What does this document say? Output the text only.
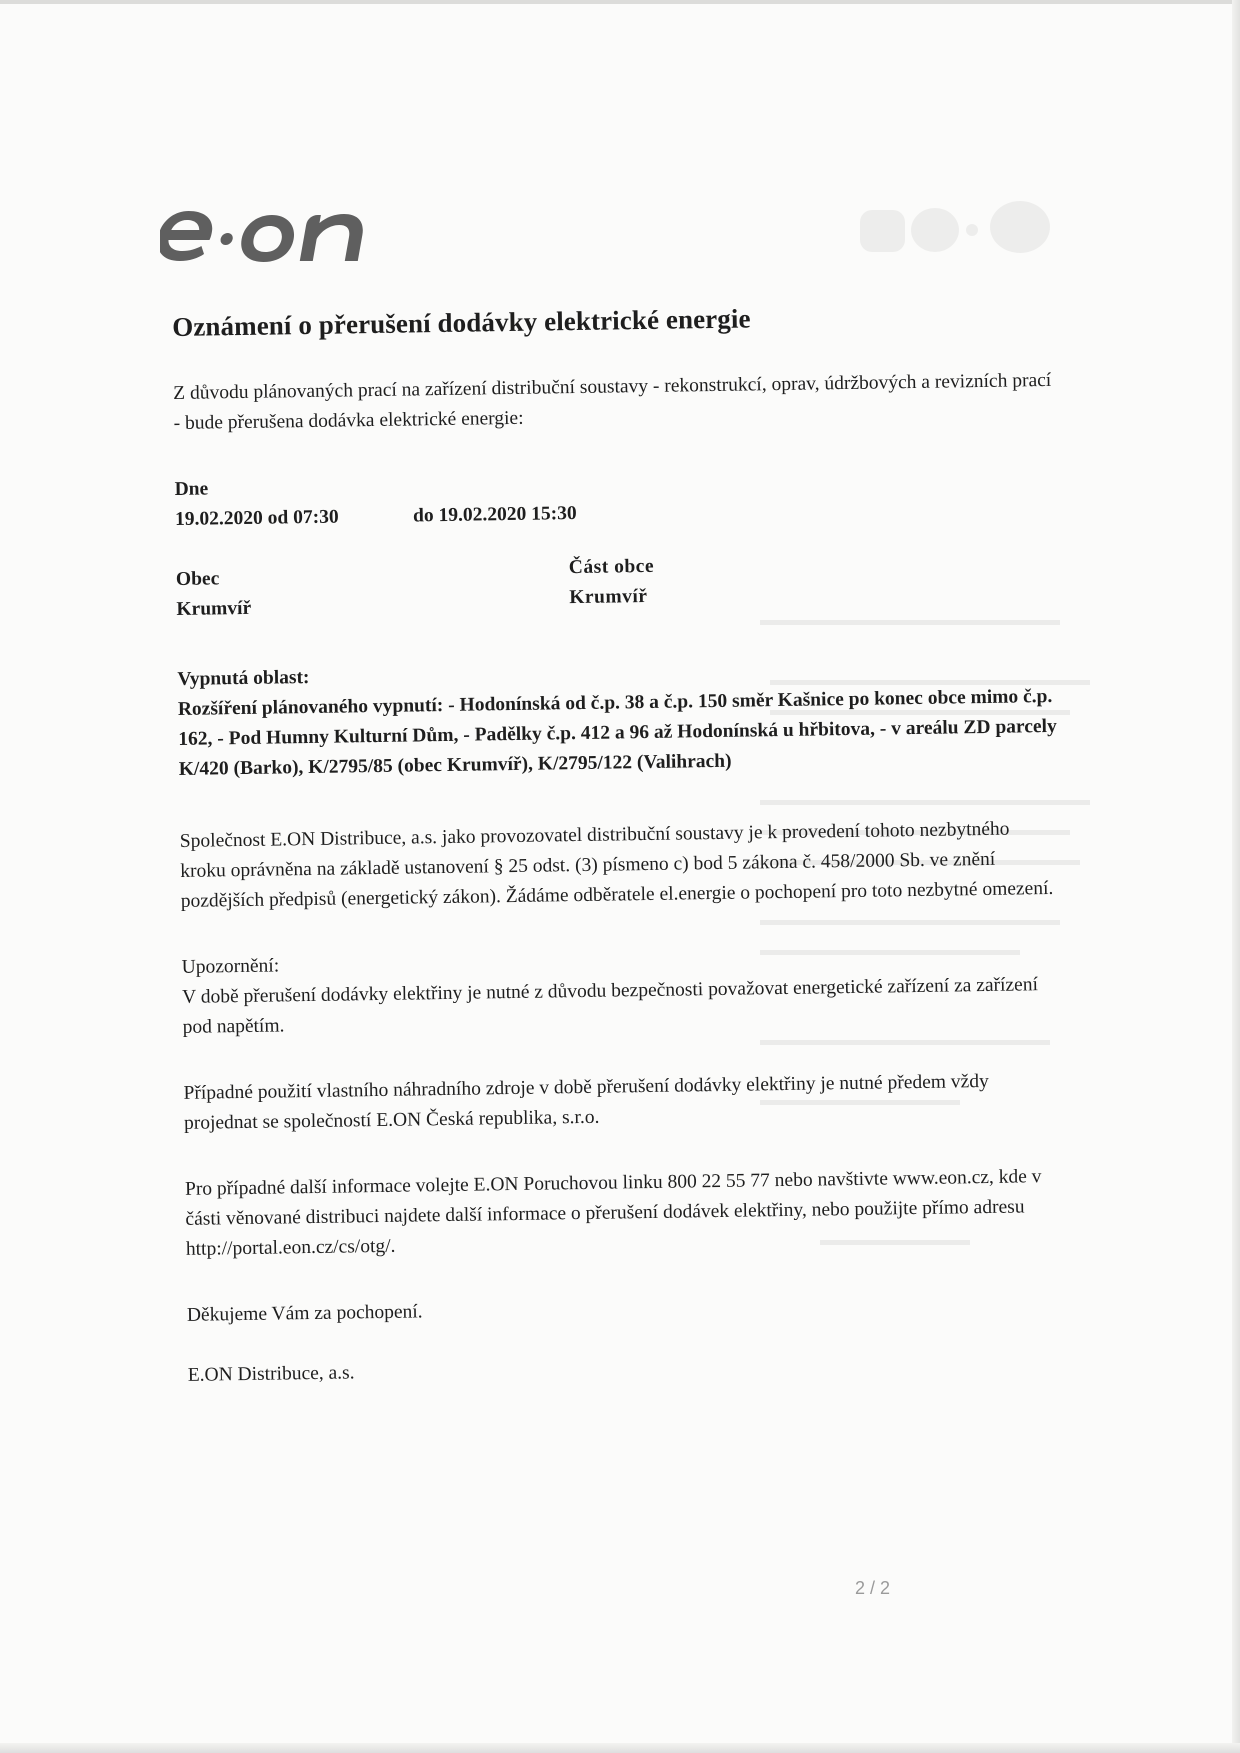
Oznámení o přerušení dodávky elektrické energie

Z důvodu plánovaných prací na zařízení distribuční soustavy - rekonstrukcí, oprav, údržbových a revizních prací - bude přerušena dodávka elektrické energie:

Dne
19.02.2020 od 07:30	do 19.02.2020 15:30
Obec
Krumvíř
Část obce
Krumvíř
Vypnutá oblast:
Rozšíření plánovaného vypnutí: - Hodonínská od č.p. 38 a č.p. 150 směr Kašnice po konec obce mimo č.p. 162, - Pod Humny Kulturní Dům, - Padělky č.p. 412 a 96 až Hodonínská u hřbitova, - v areálu ZD parcely K/420 (Barko), K/2795/85 (obec Krumvíř), K/2795/122 (Valihrach)

Společnost E.ON Distribuce, a.s. jako provozovatel distribuční soustavy je k provedení tohoto nezbytného kroku oprávněna na základě ustanovení § 25 odst. (3) písmeno c) bod 5 zákona č. 458/2000 Sb. ve znění pozdějších předpisů (energetický zákon). Žádáme odběratele el.energie o pochopení pro toto nezbytné omezení.

Upozornění:

V době přerušení dodávky elektřiny je nutné z důvodu bezpečnosti považovat energetické zařízení za zařízení pod napětím.

Případné použití vlastního náhradního zdroje v době přerušení dodávky elektřiny je nutné předem vždy projednat se společností E.ON Česká republika, s.r.o.

Pro případné další informace volejte E.ON Poruchovou linku 800 22 55 77 nebo navštivte www.eon.cz, kde v části věnované distribuci najdete další informace o přerušení dodávek elektřiny, nebo použijte přímo adresu http://portal.eon.cz/cs/otg/.

Děkujeme Vám za pochopení.

E.ON Distribuce, a.s.

2 / 2
